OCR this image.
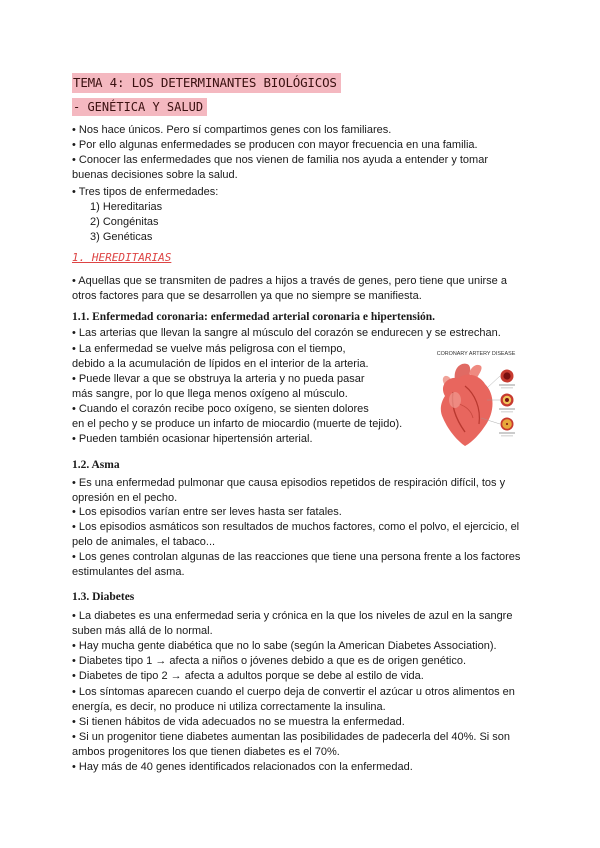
TEMA 4: LOS DETERMINANTES BIOLÓGICOS
- GENÉTICA Y SALUD
• Nos hace únicos. Pero sí compartimos genes con los familiares.
• Por ello algunas enfermedades se producen con mayor frecuencia en una familia.
• Conocer las enfermedades que nos vienen de familia nos ayuda a entender y tomar
buenas decisiones sobre la salud.
• Tres tipos de enfermedades:
1) Hereditarias
2) Congénitas
3) Genéticas
1. HEREDITARIAS
• Aquellas que se transmiten de padres a hijos a través de genes, pero tiene que unirse a
otros factores para que se desarrollen ya que no siempre se manifiesta.
1.1. Enfermedad coronaria: enfermedad arterial coronaria e hipertensión.
• Las arterias que llevan la sangre al músculo del corazón se endurecen y se estrechan.
• La enfermedad se vuelve más peligrosa con el tiempo,
debido a la acumulación de lípidos en el interior de la arteria.
• Puede llevar a que se obstruya la arteria y no pueda pasar
más sangre, por lo que llega menos oxígeno al músculo.
• Cuando el corazón recibe poco oxígeno, se sienten dolores
en el pecho y se produce un infarto de miocardio (muerte de tejido).
• Pueden también ocasionar hipertensión arterial.
CORONARY ARTERY DISEASE
1.2. Asma
• Es una enfermedad pulmonar que causa episodios repetidos de respiración difícil, tos y
opresión en el pecho.
• Los episodios varían entre ser leves hasta ser fatales.
• Los episodios asmáticos son resultados de muchos factores, como el polvo, el ejercicio, el
pelo de animales, el tabaco...
• Los genes controlan algunas de las reacciones que tiene una persona frente a los factores
estimulantes del asma.
1.3. Diabetes
• La diabetes es una enfermedad seria y crónica en la que los niveles de azul en la sangre
suben más allá de lo normal.
• Hay mucha gente diabética que no lo sabe (según la American Diabetes Association).
• Diabetes tipo 1 → afecta a niños o jóvenes debido a que es de origen genético.
• Diabetes de tipo 2 → afecta a adultos porque se debe al estilo de vida.
• Los síntomas aparecen cuando el cuerpo deja de convertir el azúcar u otros alimentos en
energía, es decir, no produce ni utiliza correctamente la insulina.
• Si tienen hábitos de vida adecuados no se muestra la enfermedad.
• Si un progenitor tiene diabetes aumentan las posibilidades de padecerla del 40%. Si son
ambos progenitores los que tienen diabetes es el 70%.
• Hay más de 40 genes identificados relacionados con la enfermedad.
